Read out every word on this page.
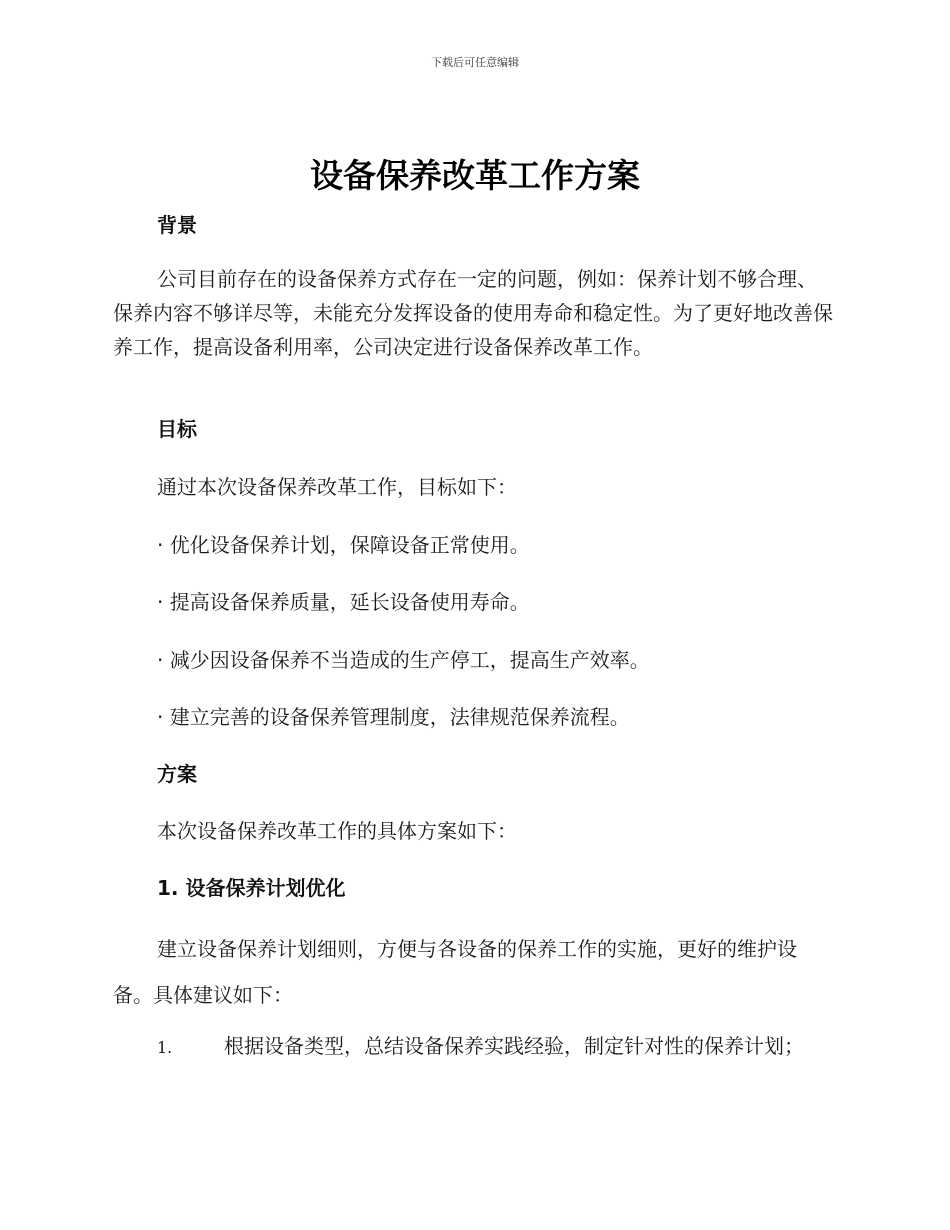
下载后可任意编辑
设备保养改革工作方案
背景
公司目前存在的设备保养方式存在一定的问题，例如：保养计划不够合理、保养内容不够详尽等，未能充分发挥设备的使用寿命和稳定性。为了更好地改善保养工作，提高设备利用率，公司决定进行设备保养改革工作。
目标
通过本次设备保养改革工作，目标如下：
· 优化设备保养计划，保障设备正常使用。
· 提高设备保养质量，延长设备使用寿命。
· 减少因设备保养不当造成的生产停工，提高生产效率。
· 建立完善的设备保养管理制度，法律规范保养流程。
方案
本次设备保养改革工作的具体方案如下：
1. 设备保养计划优化
建立设备保养计划细则，方便与各设备的保养工作的实施，更好的维护设备。具体建议如下：
1.	根据设备类型，总结设备保养实践经验，制定针对性的保养计划；
